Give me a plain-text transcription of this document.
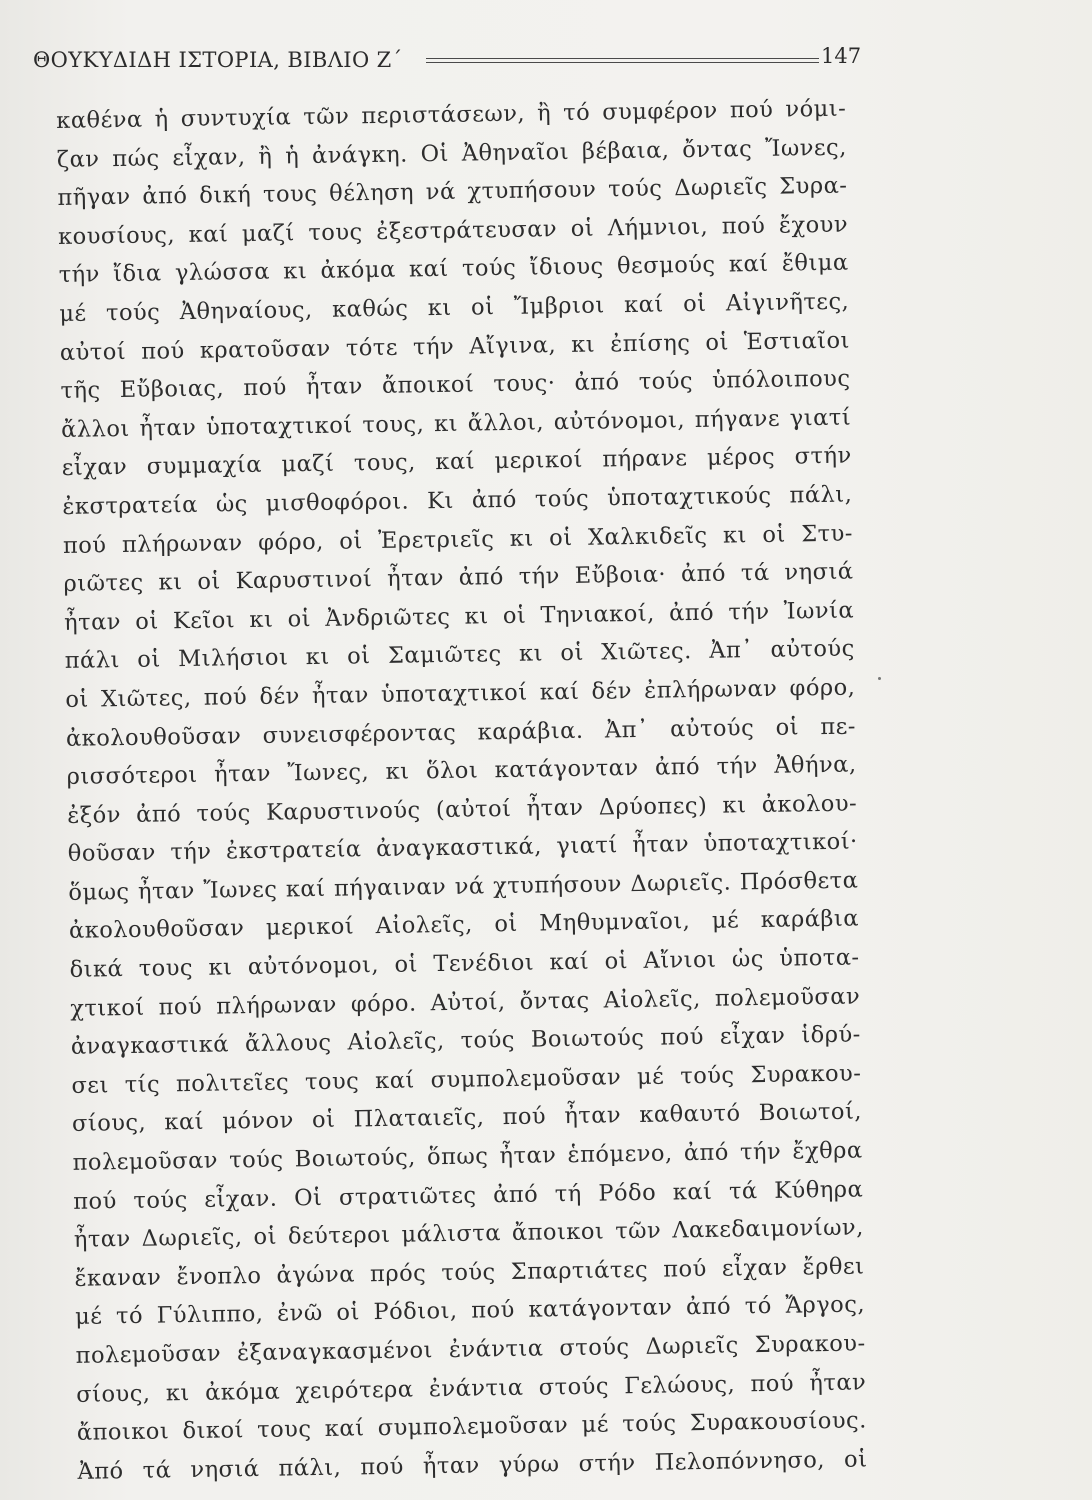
ΘΟΥΚΥΔΙΔΗ ΙΣΤΟΡΙΑ, ΒΙΒΛΙΟ Ζ΄	147
καθένα ἡ συντυχία τῶν περιστάσεων, ἢ τό συμφέρον πού νόμι-
ζαν πώς εἶχαν, ἢ ἡ ἀνάγκη. Οἱ Ἀθηναῖοι βέβαια, ὄντας Ἴωνες,
πῆγαν ἀπό δική τους θέληση νά χτυπήσουν τούς Δωριεῖς Συρα-
κουσίους, καί μαζί τους ἐξεστράτευσαν οἱ Λήμνιοι, πού ἔχουν
τήν ἴδια γλώσσα κι ἀκόμα καί τούς ἴδιους θεσμούς καί ἔθιμα
μέ τούς Ἀθηναίους, καθώς κι οἱ Ἴμβριοι καί οἱ Αἰγινῆτες,
αὐτοί πού κρατοῦσαν τότε τήν Αἴγινα, κι ἐπίσης οἱ Ἑστιαῖοι
τῆς Εὔβοιας, πού ἦταν ἄποικοί τους· ἀπό τούς ὑπόλοιπους
ἄλλοι ἦταν ὑποταχτικοί τους, κι ἄλλοι, αὐτόνομοι, πήγανε γιατί
εἶχαν συμμαχία μαζί τους, καί μερικοί πήρανε μέρος στήν
ἐκστρατεία ὡς μισθοφόροι. Κι ἀπό τούς ὑποταχτικούς πάλι,
πού πλήρωναν φόρο, οἱ Ἐρετριεῖς κι οἱ Χαλκιδεῖς κι οἱ Στυ-
ριῶτες κι οἱ Καρυστινοί ἦταν ἀπό τήν Εὔβοια· ἀπό τά νησιά
ἦταν οἱ Κεῖοι κι οἱ Ἀνδριῶτες κι οἱ Τηνιακοί, ἀπό τήν Ἰωνία
πάλι οἱ Μιλήσιοι κι οἱ Σαμιῶτες κι οἱ Χιῶτες. Ἀπ᾿ αὐτούς
οἱ Χιῶτες, πού δέν ἦταν ὑποταχτικοί καί δέν ἐπλήρωναν φόρο,
ἀκολουθοῦσαν συνεισφέροντας καράβια. Ἀπ᾿ αὐτούς οἱ πε-
ρισσότεροι ἦταν Ἴωνες, κι ὅλοι κατάγονταν ἀπό τήν Ἀθήνα,
ἐξόν ἀπό τούς Καρυστινούς (αὐτοί ἦταν Δρύοπες) κι ἀκολου-
θοῦσαν τήν ἐκστρατεία ἀναγκαστικά, γιατί ἦταν ὑποταχτικοί·
ὅμως ἦταν Ἴωνες καί πήγαιναν νά χτυπήσουν Δωριεῖς. Πρόσθετα
ἀκολουθοῦσαν μερικοί Αἰολεῖς, οἱ Μηθυμναῖοι, μέ καράβια
δικά τους κι αὐτόνομοι, οἱ Τενέδιοι καί οἱ Αἴνιοι ὡς ὑποτα-
χτικοί πού πλήρωναν φόρο. Αὐτοί, ὄντας Αἰολεῖς, πολεμοῦσαν
ἀναγκαστικά ἄλλους Αἰολεῖς, τούς Βοιωτούς πού εἶχαν ἱδρύ-
σει τίς πολιτεῖες τους καί συμπολεμοῦσαν μέ τούς Συρακου-
σίους, καί μόνον οἱ Πλαταιεῖς, πού ἦταν καθαυτό Βοιωτοί,
πολεμοῦσαν τούς Βοιωτούς, ὅπως ἦταν ἑπόμενο, ἀπό τήν ἔχθρα
πού τούς εἶχαν. Οἱ στρατιῶτες ἀπό τή Ρόδο καί τά Κύθηρα
ἦταν Δωριεῖς, οἱ δεύτεροι μάλιστα ἄποικοι τῶν Λακεδαιμονίων,
ἔκαναν ἔνοπλο ἀγώνα πρός τούς Σπαρτιάτες πού εἶχαν ἔρθει
μέ τό Γύλιππο, ἐνῶ οἱ Ρόδιοι, πού κατάγονταν ἀπό τό Ἄργος,
πολεμοῦσαν ἐξαναγκασμένοι ἐνάντια στούς Δωριεῖς Συρακου-
σίους, κι ἀκόμα χειρότερα ἐνάντια στούς Γελώους, πού ἦταν
ἄποικοι δικοί τους καί συμπολεμοῦσαν μέ τούς Συρακουσίους.
Ἀπό τά νησιά πάλι, πού ἦταν γύρω στήν Πελοπόννησο, οἱ
